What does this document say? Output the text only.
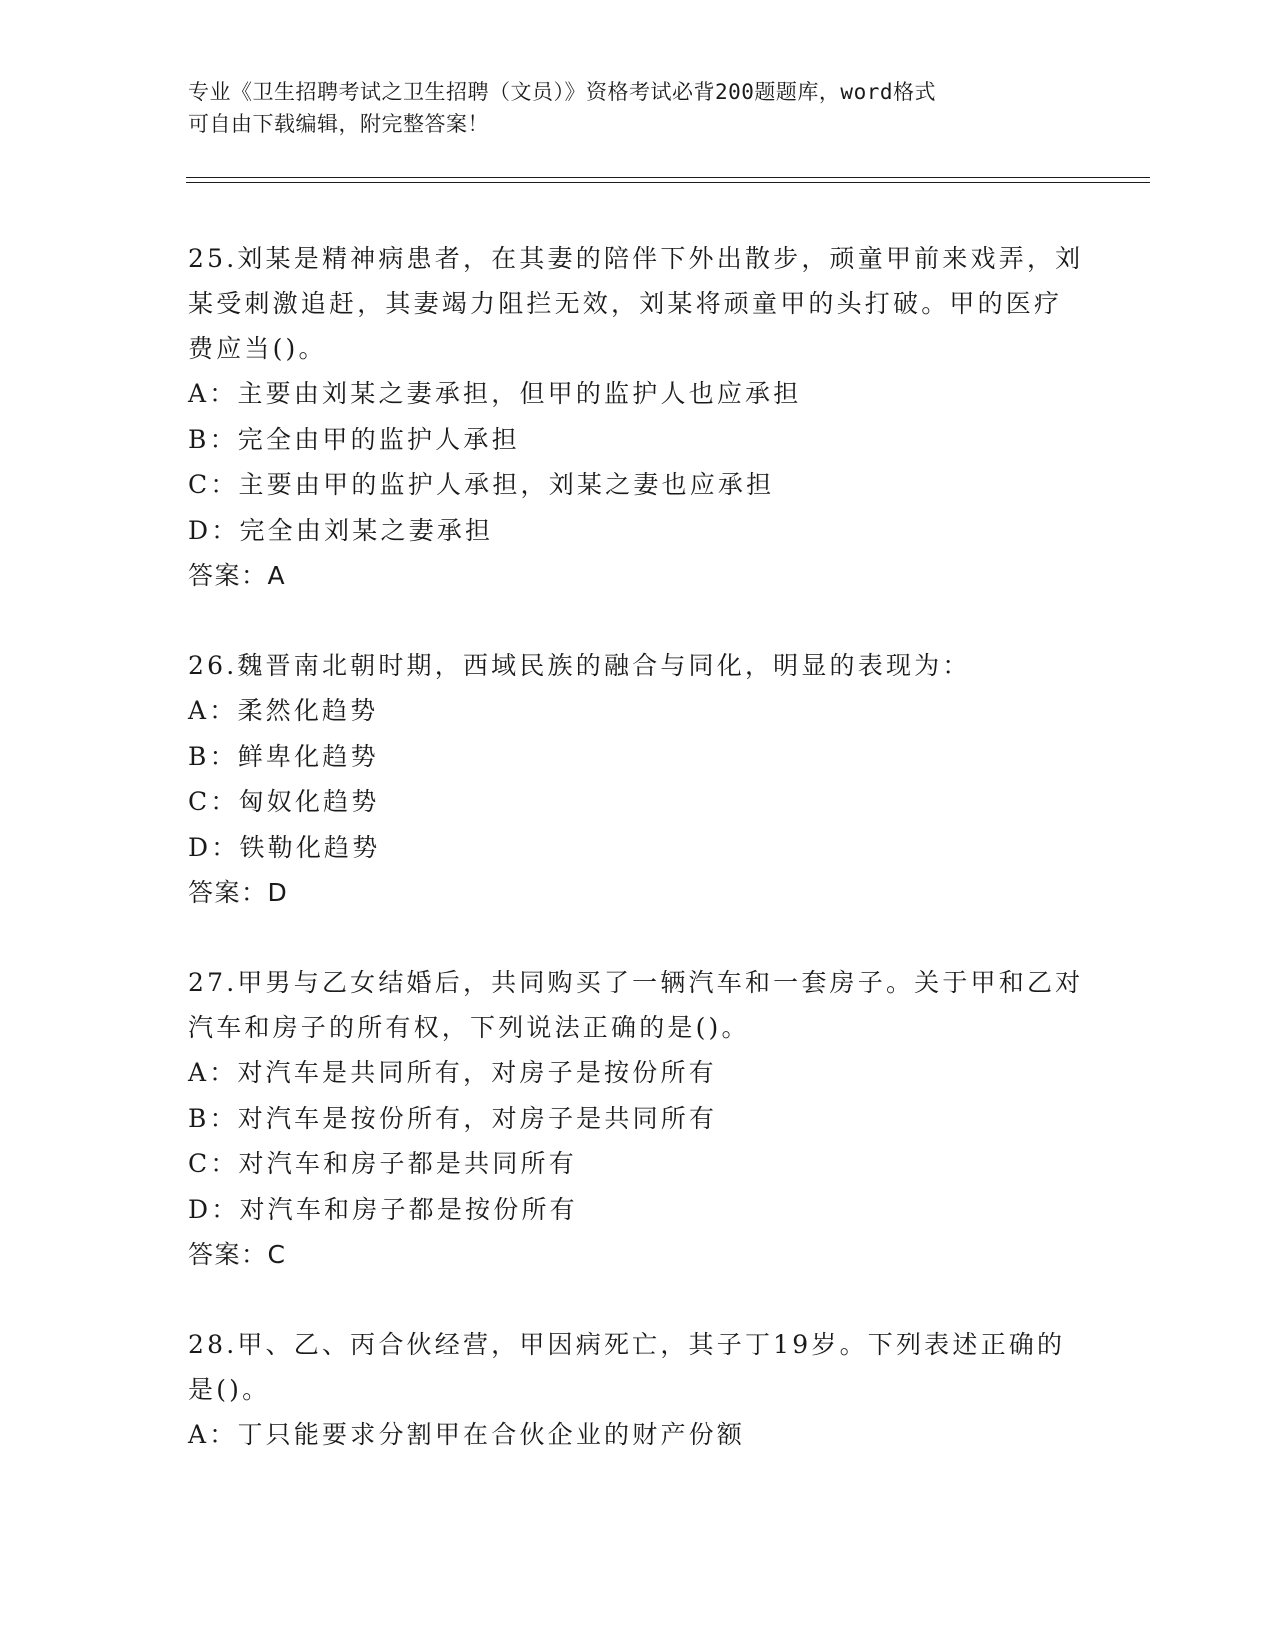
专业《卫生招聘考试之卫生招聘（文员）》资格考试必背200题题库，word格式
可自由下载编辑，附完整答案！

25.刘某是精神病患者，在其妻的陪伴下外出散步，顽童甲前来戏弄，刘某受刺激追赶，其妻竭力阻拦无效，刘某将顽童甲的头打破。甲的医疗费应当()。

A：主要由刘某之妻承担，但甲的监护人也应承担

B：完全由甲的监护人承担

C：主要由甲的监护人承担，刘某之妻也应承担

D：完全由刘某之妻承担

答案：A

26.魏晋南北朝时期，西域民族的融合与同化，明显的表现为：

A：柔然化趋势

B：鲜卑化趋势

C：匈奴化趋势

D：铁勒化趋势

答案：D

27.甲男与乙女结婚后，共同购买了一辆汽车和一套房子。关于甲和乙对汽车和房子的所有权，下列说法正确的是()。

A：对汽车是共同所有，对房子是按份所有

B：对汽车是按份所有，对房子是共同所有

C：对汽车和房子都是共同所有

D：对汽车和房子都是按份所有

答案：C

28.甲、乙、丙合伙经营，甲因病死亡，其子丁19岁。下列表述正确的是()。

A：丁只能要求分割甲在合伙企业的财产份额
